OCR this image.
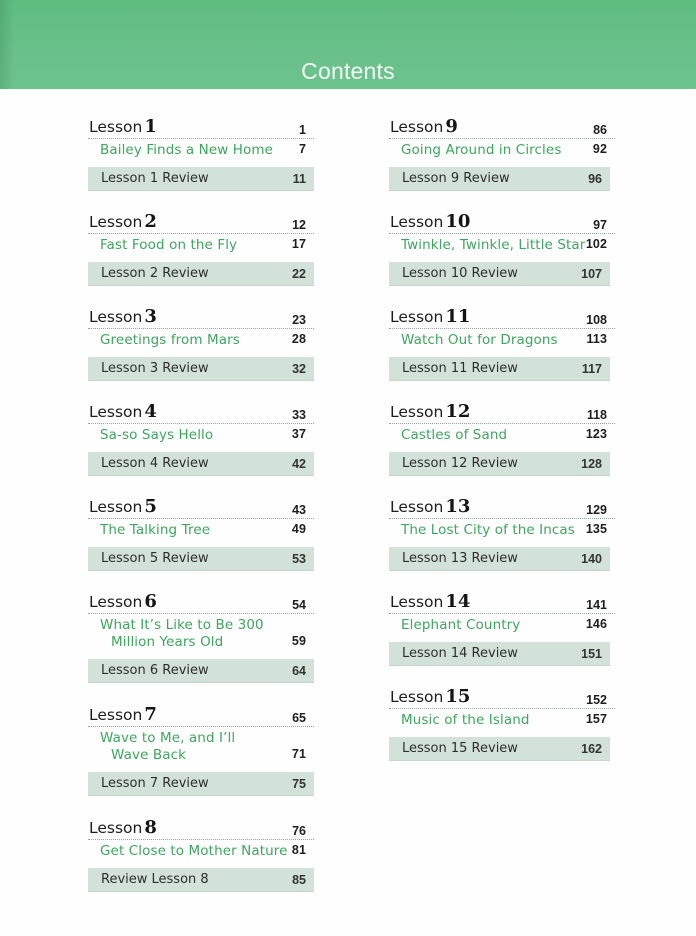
Contents
Lesson 1	1
Bailey Finds a New Home	7
Lesson 1 Review	11
Lesson 2	12
Fast Food on the Fly	17
Lesson 2 Review	22
Lesson 3	23
Greetings from Mars	28
Lesson 3 Review	32
Lesson 4	33
Sa-so Says Hello	37
Lesson 4 Review	42
Lesson 5	43
The Talking Tree	49
Lesson 5 Review	53
Lesson 6	54
What It’s Like to Be 300
Million Years Old	59
Lesson 6 Review	64
Lesson 7	65
Wave to Me, and I’ll
Wave Back	71
Lesson 7 Review	75
Lesson 8	76
Get Close to Mother Nature 81
Review Lesson 8	85
Lesson 9	86
Going Around in Circles	92
Lesson 9 Review	96
Lesson 10	97
Twinkle, Twinkle, Little Star 102
Lesson 10 Review	107
Lesson 11	108
Watch Out for Dragons	113
Lesson 11 Review	117
Lesson 12	118
Castles of Sand	123
Lesson 12 Review	128
Lesson 13	129
The Lost City of the Incas 135
Lesson 13 Review	140
Lesson 14	141
Elephant Country	146
Lesson 14 Review	151
Lesson 15	152
Music of the Island	157
Lesson 15 Review	162
